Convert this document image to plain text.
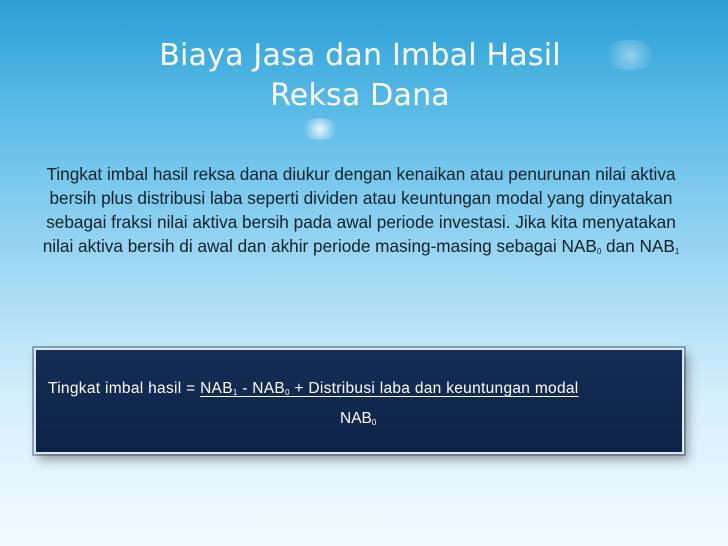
Biaya Jasa dan Imbal Hasil
Reksa Dana
Tingkat imbal hasil reksa dana diukur dengan kenaikan atau penurunan nilai aktiva bersih plus distribusi laba seperti dividen atau keuntungan modal yang dinyatakan sebagai fraksi nilai aktiva bersih pada awal periode investasi. Jika kita menyatakan nilai aktiva bersih di awal dan akhir periode masing-masing sebagai $NAB_0$ dan $NAB_1$
Tingkat imbal hasil = $NAB_1 - NAB_0$ + Distribusi laba dan keuntungan modal
$NAB_0$
